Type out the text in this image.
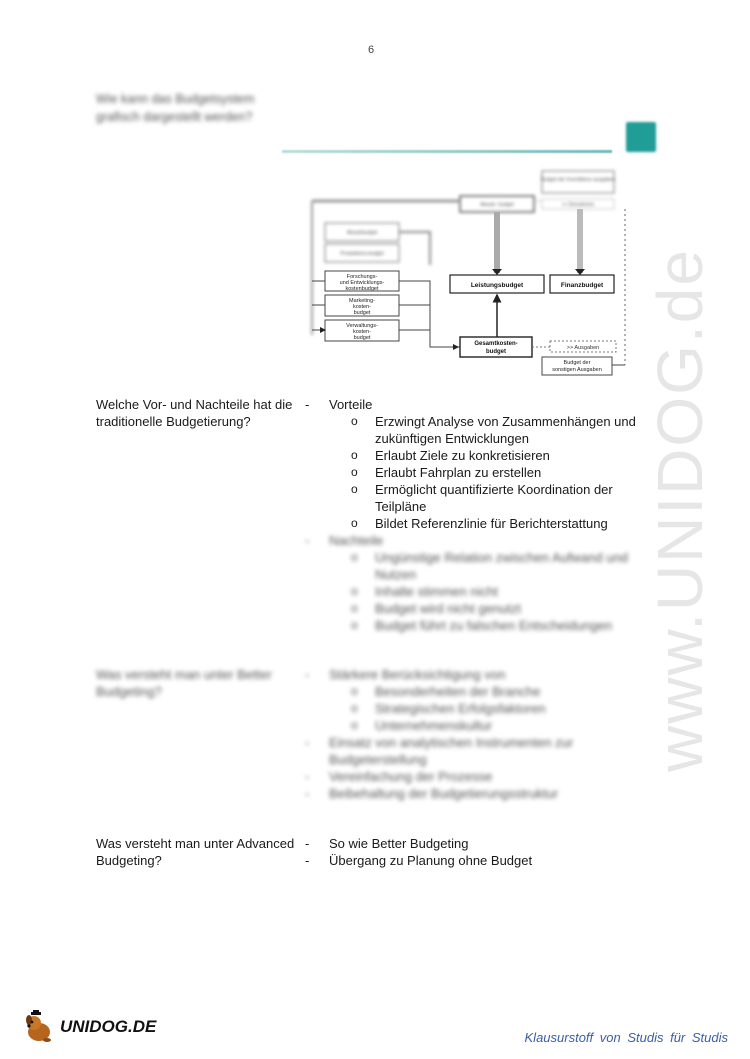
6
Wie kann das Budgetsystem grafisch dargestellt werden?
Budget der Investitions ausgaben
Absatz- budget	<< Einnahmen
Absatzbudget
Produktions-budget
Forschungs-
und Entwicklungs-
kostenbudget
Marketing-
kosten-
budget
Verwaltungs-
kosten-
budget
Leistungsbudget	Finanzbudget
Gesamtkosten-
budget
>> Ausgaben
Budget der
sonstigen Ausgaben
Welche Vor- und Nachteile hat die traditionelle Budgetierung?
-	Vorteile
o	Erzwingt Analyse von Zusammenhängen und zukünftigen Entwicklungen
o	Erlaubt Ziele zu konkretisieren
o	Erlaubt Fahrplan zu erstellen
o	Ermöglicht quantifizierte Koordination der Teilpläne
o	Bildet Referenzlinie für Berichterstattung
-	Nachteile
o	Ungünstige Relation zwischen Aufwand und Nutzen
o	Inhalte stimmen nicht
o	Budget wird nicht genutzt
o	Budget führt zu falschen Entscheidungen
Was versteht man unter Better Budgeting?
-	Stärkere Berücksichtigung von
o	Besonderheiten der Branche
o	Strategischen Erfolgsfaktoren
o	Unternehmenskultur
-	Einsatz von analytischen Instrumenten zur Budgeterstellung
-	Vereinfachung der Prozesse
-	Beibehaltung der Budgetierungsstruktur
Was versteht man unter Advanced Budgeting?
-	So wie Better Budgeting
-	Übergang zu Planung ohne Budget
www.UNIDOG.de
UNIDOG.DE
Klausurstoff von Studis für Studis
